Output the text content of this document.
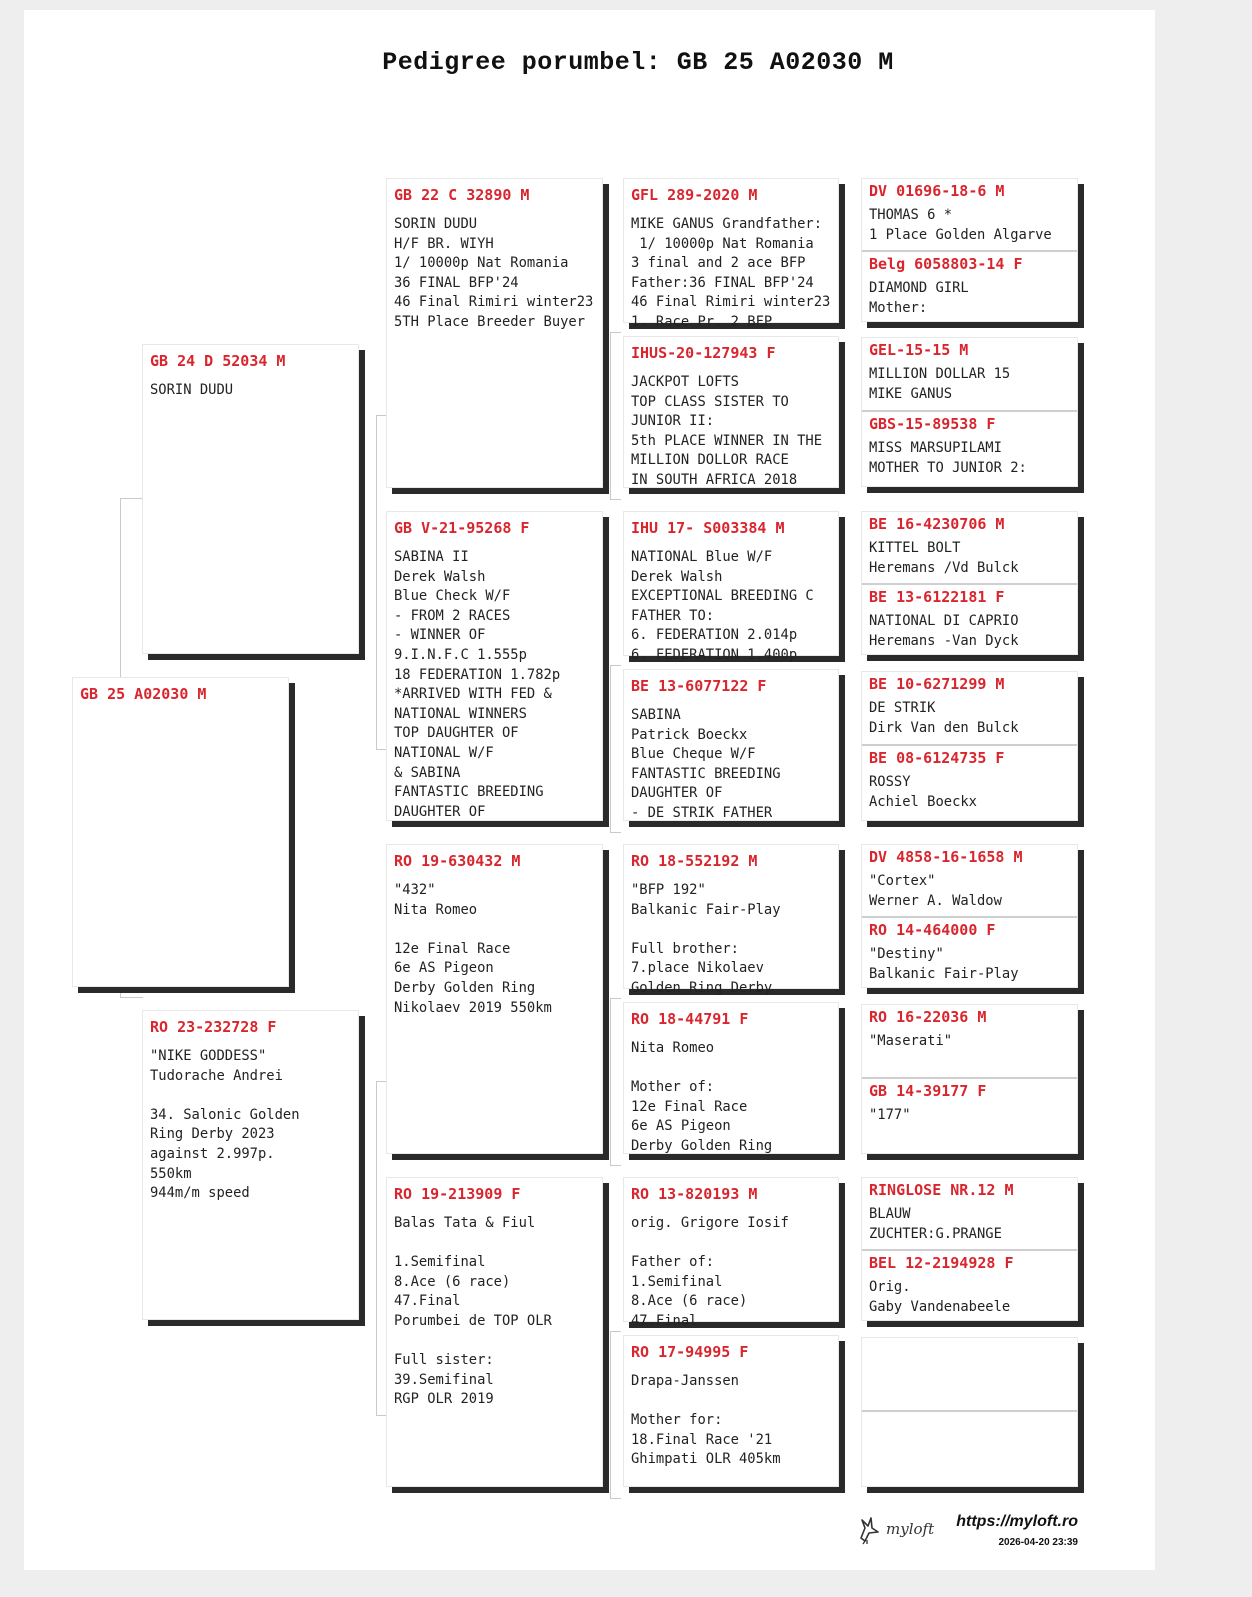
Pedigree porumbel: GB 25 A02030 M
GB 25 A02030 M
GB 24 D 52034 M
SORIN DUDU
RO 23-232728 F
"NIKE GODDESS"
Tudorache Andrei

34. Salonic Golden
Ring Derby 2023
against 2.997p.
550km
944m/m speed
GB 22 C 32890 M
SORIN DUDU
H/F BR. WIYH
1/ 10000p Nat Romania
36 FINAL BFP'24
46 Final Rimiri winter23
5TH Place Breeder Buyer
GB V-21-95268 F
SABINA II
Derek Walsh
Blue Check W/F
- FROM 2 RACES
- WINNER OF
9.I.N.F.C 1.555p
18 FEDERATION 1.782p
*ARRIVED WITH FED &
NATIONAL WINNERS
TOP DAUGHTER OF
NATIONAL W/F
& SABINA
FANTASTIC BREEDING
DAUGHTER OF
RO 19-630432 M
"432"
Nita Romeo

12e Final Race
6e AS Pigeon
Derby Golden Ring
Nikolaev 2019 550km
RO 19-213909 F
Balas Tata & Fiul

1.Semifinal
8.Ace (6 race)
47.Final
Porumbei de TOP OLR

Full sister:
39.Semifinal
RGP OLR 2019
GFL 289-2020 M
MIKE GANUS Grandfather:
1/ 10000p Nat Romania
3 final and 2 ace BFP
Father:36 FINAL BFP'24
46 Final Rimiri winter23
1. Race Pr. 2 BFP
IHUS-20-127943 F
JACKPOT LOFTS
TOP CLASS SISTER TO
JUNIOR II:
5th PLACE WINNER IN THE
MILLION DOLLOR RACE
IN SOUTH AFRICA 2018
IHU 17- S003384 M
NATIONAL Blue W/F
Derek Walsh
EXCEPTIONAL BREEDING C
FATHER TO:
6. FEDERATION 2.014p
6. FEDERATION 1.400p
BE 13-6077122 F
SABINA
Patrick Boeckx
Blue Cheque W/F
FANTASTIC BREEDING
DAUGHTER OF
- DE STRIK FATHER
RO 18-552192 M
"BFP 192"
Balkanic Fair-Play

Full brother:
7.place Nikolaev
Golden Ring Derby
RO 18-44791 F
Nita Romeo

Mother of:
12e Final Race
6e AS Pigeon
Derby Golden Ring
RO 13-820193 M
orig. Grigore Iosif

Father of:
1.Semifinal
8.Ace (6 race)
47.Final
RO 17-94995 F
Drapa-Janssen

Mother for:
18.Final Race '21
Ghimpati OLR 405km
DV 01696-18-6 M
THOMAS 6 *
1 Place Golden Algarve
Belg 6058803-14 F
DIAMOND GIRL
Mother:
GEL-15-15 M
MILLION DOLLAR 15
MIKE GANUS
GBS-15-89538 F
MISS MARSUPILAMI
MOTHER TO JUNIOR 2:
BE 16-4230706 M
KITTEL BOLT
Heremans /Vd Bulck
BE 13-6122181 F
NATIONAL DI CAPRIO
Heremans -Van Dyck
BE 10-6271299 M
DE STRIK
Dirk Van den Bulck
BE 08-6124735 F
ROSSY
Achiel Boeckx
DV 4858-16-1658 M
"Cortex"
Werner A. Waldow
RO 14-464000 F
"Destiny"
Balkanic Fair-Play
RO 16-22036 M
"Maserati"
GB 14-39177 F
"177"
RINGLOSE NR.12 M
BLAUW
ZUCHTER:G.PRANGE
BEL 12-2194928 F
Orig.
Gaby Vandenabeele
myloft https://myloft.ro
2026-04-20 23:39
